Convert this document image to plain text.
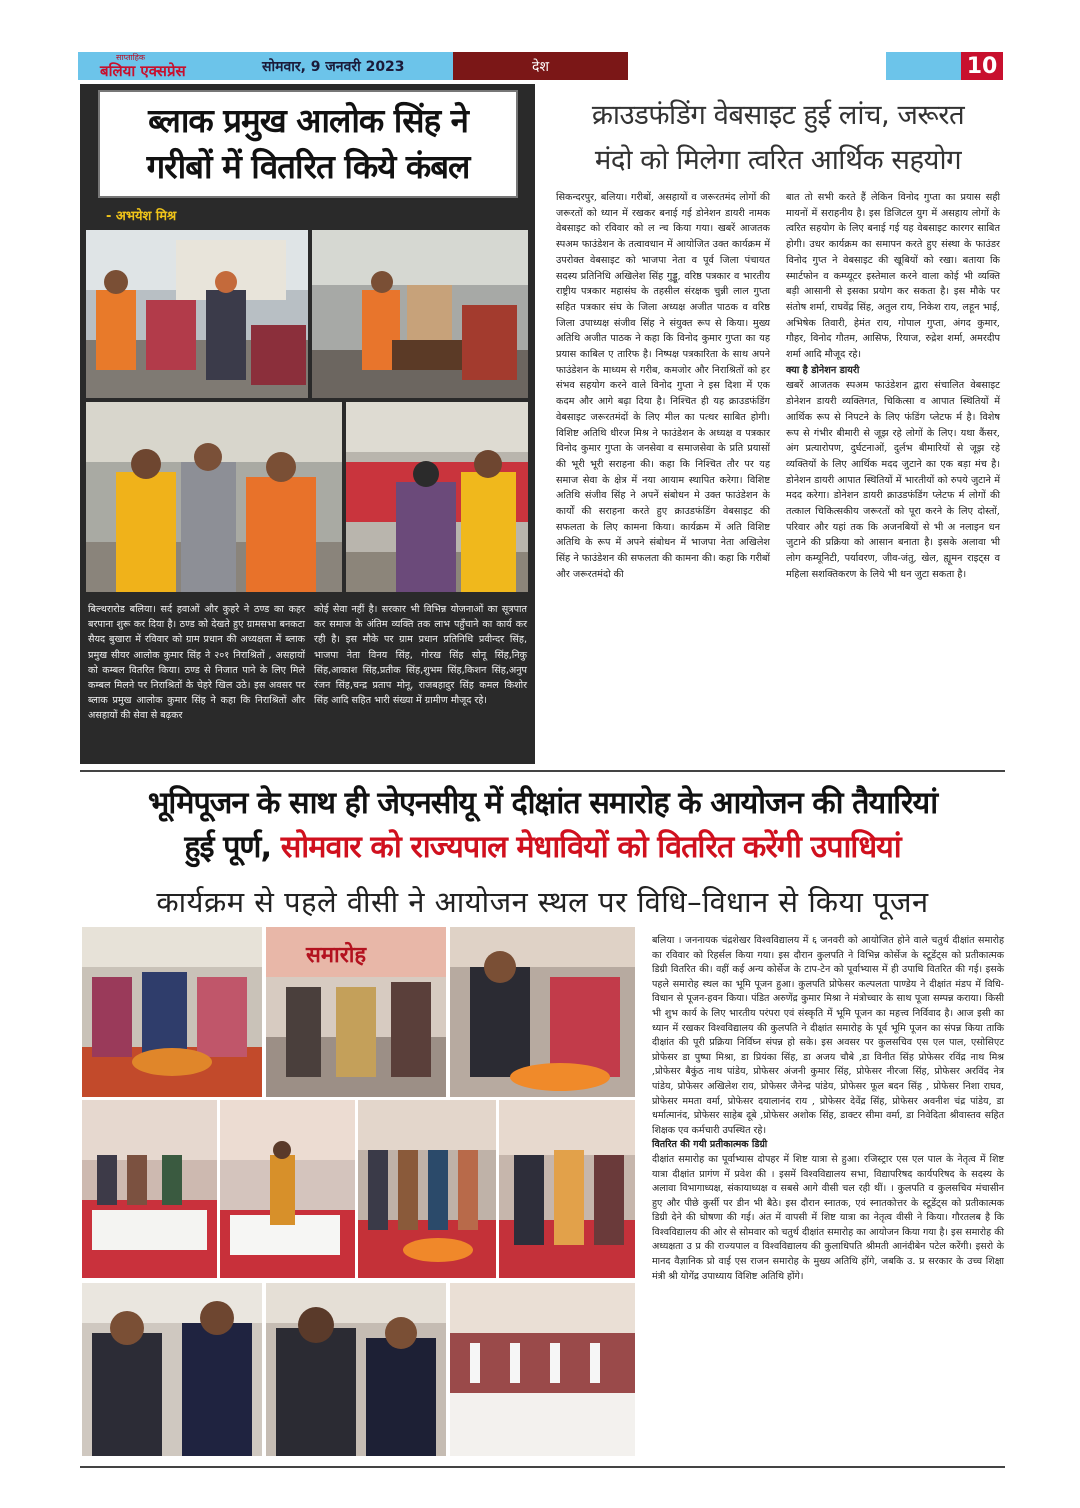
साप्ताहिक
बलिया एक्सप्रेस	सोमवार, 9 जनवरी 2023	देश	10
ब्लाक प्रमुख आलोक सिंह ने
गरीबों में वितरित किये कंबल
- अभयेश मिश्र
बिल्थरारोड बलिया। सर्द हवाओं और कुहरे ने ठण्ड का कहर बरपाना शुरू कर दिया है। ठण्ड को देखते हुए ग्रामसभा बनकटा सैयद बुखारा में रविवार को ग्राम प्रधान की अध्यक्षता में ब्लाक प्रमुख सीयर आलोक कुमार सिंह ने २०१ निराश्रितों , असहायों को कम्बल वितरित किया। ठण्ड से निजात पाने के लिए मिले कम्बल मिलने पर निराश्रितों के चेहरे खिल उठे। इस अवसर पर ब्लाक प्रमुख आलोक कुमार सिंह ने कहा कि निराश्रितों और असहायों की सेवा से बढ़कर
कोई सेवा नहीं है। सरकार भी विभिन्न योजनाओं का सूत्रपात कर समाज के अंतिम व्यक्ति तक लाभ पहुँचाने का कार्य कर रही है। इस मौके पर ग्राम प्रधान प्रतिनिधि प्रवीन्दर सिंह, भाजपा नेता विनय सिंह, गोरख सिंह सोनू सिंह,निकु सिंह,आकाश सिंह,प्रतीक सिंह,शुभम सिंह,किशन सिंह,अनुप रंजन सिंह,चन्द्र प्रताप मोनू, राजबहादुर सिंह कमल किशोर सिंह आदि सहित भारी संख्या में ग्रामीण मौजूद रहे।
क्राउडफंडिंग वेबसाइट हुई लांच, जरूरत
मंदो को मिलेगा त्वरित आर्थिक सहयोग
सिकन्दरपुर, बलिया। गरीबों, असहायों व जरूरतमंद लोगों की जरूरतों को ध्यान में रखकर बनाई गई डोनेशन डायरी नामक वेबसाइट को रविवार को ल न्च किया गया। खबरें आजतक स्पअम फाउंडेशन के तत्वावधान में आयोजित उक्त कार्यक्रम में उपरोक्त वेबसाइट को भाजपा नेता व पूर्व जिला पंचायत सदस्य प्रतिनिधि अखिलेश सिंह गुड्डू, वरिष्ठ पत्रकार व भारतीय राष्ट्रीय पत्रकार महासंघ के तहसील संरक्षक चुन्नी लाल गुप्ता सहित पत्रकार संघ के जिला अध्यक्ष अजीत पाठक व वरिष्ठ जिला उपाध्यक्ष संजीव सिंह ने संयुक्त रूप से किया। मुख्य अतिथि अजीत पाठक ने कहा कि विनोद कुमार गुप्ता का यह प्रयास काबिल ए तारिफ है। निष्पक्ष पत्रकारिता के साथ अपने फाउंडेशन के माध्यम से गरीब, कमजोर और निराश्रितों को हर संभव सहयोग करने वाले विनोद गुप्ता ने इस दिशा में एक कदम और आगे बढ़ा दिया है। निश्चित ही यह क्राउडफंडिंग वेबसाइट जरूरतमंदों के लिए मील का पत्थर साबित होगी। विशिष्ट अतिथि धीरज मिश्र ने फाउंडेशन के अध्यक्ष व पत्रकार विनोद कुमार गुप्ता के जनसेवा व समाजसेवा के प्रति प्रयासों की भूरी भूरी सराहना की। कहा कि निश्चित तौर पर यह समाज सेवा के क्षेत्र में नया आयाम स्थापित करेगा। विशिष्ट अतिथि संजीव सिंह ने अपनें संबोधन मे उक्त फाउंडेशन के कार्यों की सराहना करते हुए क्राउडफंडिंग वेबसाइट की सफलता के लिए कामना किया। कार्यक्रम में अति विशिष्ट अतिथि के रूप में अपने संबोधन में भाजपा नेता अखिलेश सिंह ने फाउंडेशन की सफलता की कामना की। कहा कि गरीबों और जरूरतमंदो की
बात तो सभी करते हैं लेकिन विनोद गुप्ता का प्रयास सही मायनों में सराहनीय है। इस डिजिटल युग में असहाय लोगों के त्वरित सहयोग के लिए बनाई गई यह वेबसाइट कारगर साबित होगी। उधर कार्यक्रम का समापन करते हुए संस्था के फाउंडर विनोद गुप्त ने वेबसाइट की खूबियों को रखा। बताया कि स्मार्टफोन व कम्प्यूटर इस्तेमाल करने वाला कोई भी व्यक्ति बड़ी आसानी से इसका प्रयोग कर सकता है। इस मौके पर संतोष शर्मा, राघवेंद्र सिंह, अतुल राय, निकेश राय, लहून भाई, अभिषेक तिवारी, हेमंत राय, गोपाल गुप्ता, अंगद कुमार, गौहर, विनोद गौतम, आसिफ, रियाज, रुद्रेश शर्मा, अमरदीप शर्मा आदि मौजूद रहे।
क्या है डोनेशन डायरी
खबरें आजतक स्पअम फाउंडेशन द्वारा संचालित वेबसाइट डोनेशन डायरी व्यक्तिगत, चिकित्सा व आपात स्थितियों में आर्थिक रूप से निपटने के लिए फंडिंग प्लेटफ र्म है। विशेष रूप से गंभीर बीमारी से जूझ रहे लोगों के लिए। यथा कैंसर, अंग प्रत्यारोपण, दुर्घटनाओं, दुर्लभ बीमारियों से जूझ रहे व्यक्तियों के लिए आर्थिक मदद जुटाने का एक बड़ा मंच है। डोनेशन डायरी आपात स्थितियों में भारतीयों को रुपये जुटाने में मदद करेगा। डोनेशन डायरी क्राउडफंडिंग प्लेटफ र्म लोगों की तत्काल चिकित्सकीय जरूरतों को पूरा करने के लिए दोस्तों, परिवार और यहां तक कि अजनबियों से भी अ नलाइन धन जुटाने की प्रक्रिया को आसान बनाता है। इसके अलावा भी लोग कम्यूनिटी, पर्यावरण, जीव-जंतु, खेल, ह्यूमन राइट्स व महिला सशक्तिकरण के लिये भी धन जुटा सकता है।
भूमिपूजन के साथ ही जेएनसीयू में दीक्षांत समारोह के आयोजन की तैयारियां
हुई पूर्ण, सोमवार को राज्यपाल मेधावियों को वितरित करेंगी उपाधियां
कार्यक्रम से पहले वीसी ने आयोजन स्थल पर विधि–विधान से किया पूजन
समारोह
बलिया । जननायक चंद्रशेखर विश्वविद्यालय में ६ जनवरी को आयोजित होने वाले चतुर्थ दीक्षांत समारोह का रविवार को रिहर्सल किया गया। इस दौरान कुलपति ने विभिन्न कोर्सेज के स्टूडेंट्स को प्रतीकात्मक डिग्री वितरित की। वहीं कई अन्य कोर्सेज के टाप-टेन को पूर्वाभ्यास में ही उपाधि वितरित की गई। इसके पहले समारोह स्थल का भूमि पूजन हुआ। कुलपति प्रोफेसर कल्पलता पाण्डेय ने दीक्षांत मंडप में विधि-विधान से पूजन-हवन किया। पंडित अरुणेंद्र कुमार मिश्रा ने मंत्रोच्चार के साथ पूजा सम्पन्न कराया। किसी भी शुभ कार्य के लिए भारतीय परंपरा एवं संस्कृति में भूमि पूजन का महत्त्व निर्विवाद है। आज इसी का ध्यान में रखकर विश्वविद्यालय की कुलपति ने दीक्षांत समारोह के पूर्व भूमि पूजन का संपन्न किया ताकि दीक्षांत की पूरी प्रक्रिया निर्विघ्न संपन्न हो सके। इस अवसर पर कुलसचिव एस एल पाल, एसोसिएट प्रोफेसर डा पुष्पा मिश्रा, डा प्रियंका सिंह, डा अजय चौबे ,डा विनीत सिंह प्रोफेसर रविंद्र नाथ मिश्र ,प्रोफेसर बैकुंठ नाथ पांडेय, प्रोफेसर अंजनी कुमार सिंह, प्रोफेसर नीरजा सिंह, प्रोफेसर अरविंद नेत्र पांडेय, प्रोफेसर अखिलेश राय, प्रोफेसर जैनेन्द्र पांडेय, प्रोफेसर फूल बदन सिंह , प्रोफेसर निशा राघव, प्रोफेसर ममता वर्मा, प्रोफेसर दयालानंद राय , प्रोफेसर देवेंद्र सिंह, प्रोफेसर अवनीश चंद्र पांडेय, डा धर्मात्मानंद, प्रोफेसर साहेब दूबे ,प्रोफेसर अशोक सिंह, डाक्टर सीमा वर्मा, डा निवेदिता श्रीवास्तव सहित शिक्षक एव कर्मचारी उपस्थित रहे।
वितरित की गयी प्रतीकात्मक डिग्री
दीक्षांत समारोह का पूर्वाभ्यास दोपहर में शिष्ट यात्रा से हुआ। रजिस्ट्रार एस एल पाल के नेतृत्व में शिष्ट यात्रा दीक्षांत प्रागंण में प्रवेश की । इसमें विश्वविद्यालय सभा, विद्यापरिषद कार्यपरिषद के सदस्य के अलावा विभागाध्यक्ष, संकायाध्यक्ष व सबसे आगे वीसी चल रही थीं। । कुलपति व कुलसचिव मंचासीन हुए और पीछे कुर्सी पर डीन भी बैठे। इस दौरान स्नातक, एवं स्नातकोत्तर के स्टूडेंट्स को प्रतीकात्मक डिग्री देने की घोषणा की गई। अंत में वापसी में शिष्ट यात्रा का नेतृत्व वीसी ने किया। गौरतलब है कि विश्वविद्यालय की ओर से सोमवार को चतुर्थ दीक्षांत समारोह का आयोजन किया गया है। इस समारोह की अध्यक्षता उ प्र की राज्यपाल व विश्वविद्यालय की कुलाधिपति श्रीमती आनंदीबेन पटेल करेंगी। इसरो के मानद वैज्ञानिक प्रो वाई एस राजन समारोह के मुख्य अतिथि होंगे, जबकि उ. प्र सरकार के उच्च शिक्षा मंत्री श्री योगेंद्र उपाध्याय विशिष्ट अतिथि होंगे।
